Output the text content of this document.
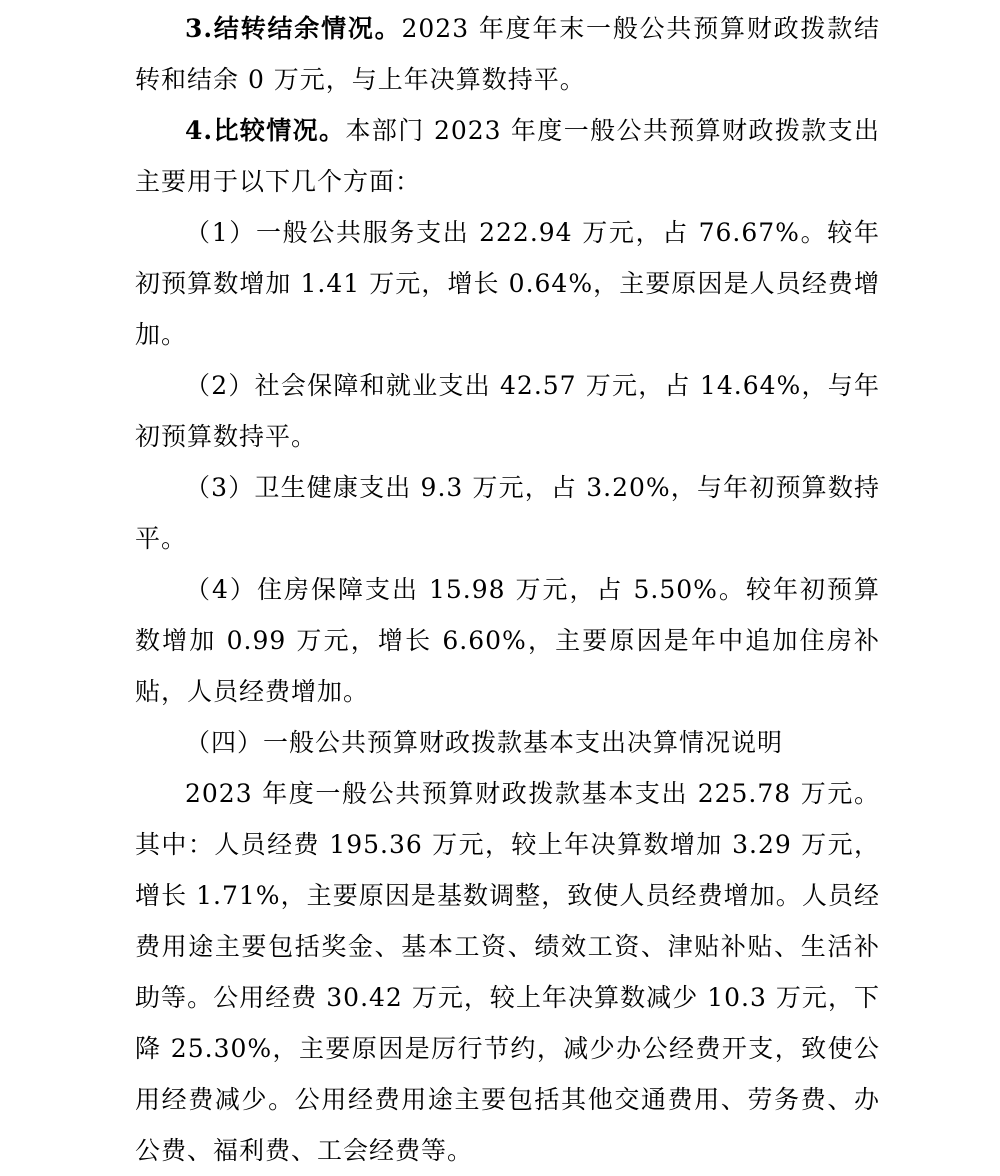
3.结转结余情况。2023 年度年末一般公共预算财政拨款结转和结余 0 万元，与上年决算数持平。

4.比较情况。本部门 2023 年度一般公共预算财政拨款支出主要用于以下几个方面：

（1）一般公共服务支出 222.94 万元，占 76.67%。较年初预算数增加 1.41 万元，增长 0.64%，主要原因是人员经费增加。

（2）社会保障和就业支出 42.57 万元，占 14.64%，与年初预算数持平。

（3）卫生健康支出 9.3 万元，占 3.20%，与年初预算数持平。

（4）住房保障支出 15.98 万元，占 5.50%。较年初预算数增加 0.99 万元，增长 6.60%，主要原因是年中追加住房补贴，人员经费增加。

（四）一般公共预算财政拨款基本支出决算情况说明

2023 年度一般公共预算财政拨款基本支出 225.78 万元。其中：人员经费 195.36 万元，较上年决算数增加 3.29 万元，增长 1.71%，主要原因是基数调整，致使人员经费增加。人员经费用途主要包括奖金、基本工资、绩效工资、津贴补贴、生活补助等。公用经费 30.42 万元，较上年决算数减少 10.3 万元，下降 25.30%，主要原因是厉行节约，减少办公经费开支，致使公用经费减少。公用经费用途主要包括其他交通费用、劳务费、办公费、福利费、工会经费等。
